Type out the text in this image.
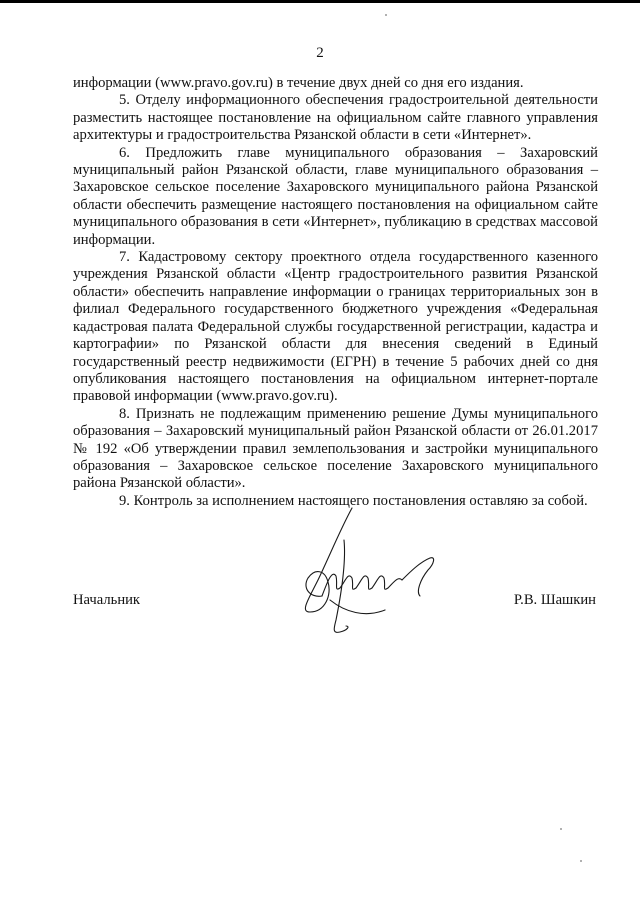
2

информации (www.pravo.gov.ru) в течение двух дней со дня его издания.

5. Отделу информационного обеспечения градостроительной деятельности разместить настоящее постановление на официальном сайте главного управления архитектуры и градостроительства Рязанской области в сети «Интернет».

6. Предложить главе муниципального образования – Захаровский муниципальный район Рязанской области, главе муниципального образования – Захаровское сельское поселение Захаровского муниципального района Рязанской области обеспечить размещение настоящего постановления на официальном сайте муниципального образования в сети «Интернет», публикацию в средствах массовой информации.

7. Кадастровому сектору проектного отдела государственного казенного учреждения Рязанской области «Центр градостроительного развития Рязанской области» обеспечить направление информации о границах территориальных зон в филиал Федерального государственного бюджетного учреждения «Федеральная кадастровая палата Федеральной службы государственной регистрации, кадастра и картографии» по Рязанской области для внесения сведений в Единый государственный реестр недвижимости (ЕГРН) в течение 5 рабочих дней со дня опубликования настоящего постановления на официальном интернет-портале правовой информации (www.pravo.gov.ru).

8. Признать не подлежащим применению решение Думы муниципального образования – Захаровский муниципальный район Рязанской области от 26.01.2017 № 192 «Об утверждении правил землепользования и застройки муниципального образования – Захаровское сельское поселение Захаровского муниципального района Рязанской области».

9. Контроль за исполнением настоящего постановления оставляю за собой.

Начальник	Р.В. Шашкин
